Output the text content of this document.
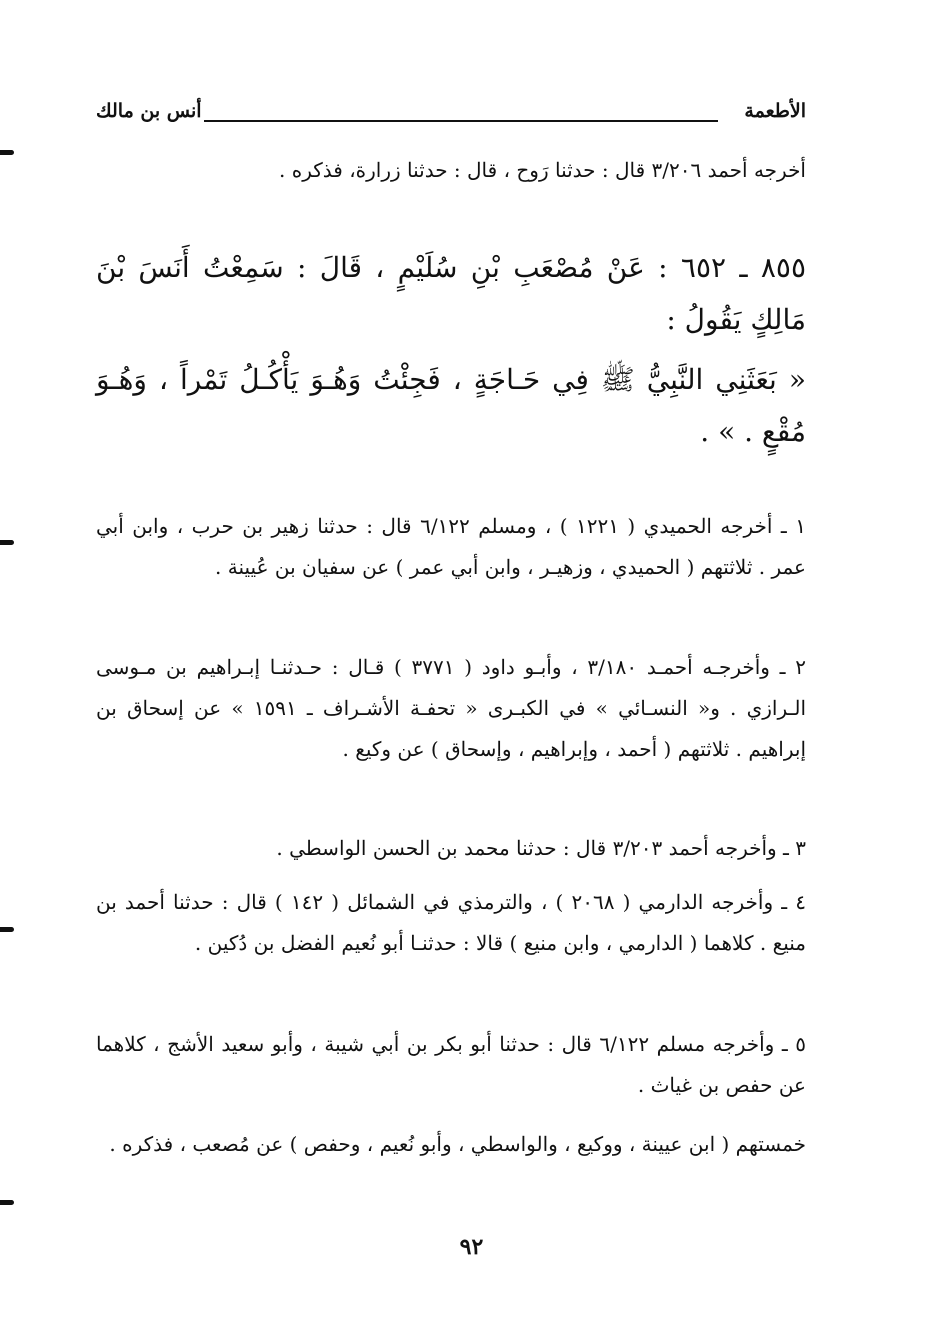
الأطعمة
أنس بن مالك
أخرجه أحمد ٣/٢٠٦ قال : حدثنا رَوح ، قال : حدثنا زرارة، فذكره .
٨٥٥ ـ ٦٥٢ : عَنْ مُصْعَبِ بْنِ سُلَيْمٍ ، قَالَ : سَمِعْتُ أَنَسَ بْنَ مَالِكٍ يَقُولُ :
« بَعَثَنِي النَّبِيُّ ﷺ فِي حَـاجَةٍ ، فَجِئْتُ وَهُـوَ يَأْكُـلُ تَمْراً ، وَهُـوَ مُقْعٍ . » .
١ ـ أخرجه الحميدي ( ١٢٢١ ) ، ومسلم ٦/١٢٢ قال : حدثنا زهير بن حرب ، وابن أبي عمر . ثلاثتهم ( الحميدي ، وزهيـر ، وابن أبي عمر ) عن سفيان بن عُيينة .
٢ ـ وأخرجـه أحمـد ٣/١٨٠ ، وأبـو داود ( ٣٧٧١ ) قـال : حـدثنـا إبـراهيم بن مـوسى الـرازي . و« النسـائي » في الكبـرى « تحفـة الأشـراف ـ ١٥٩١ » عن إسحاق بن إبراهيم . ثلاثتهم ( أحمد ، وإبراهيم ، وإسحاق ) عن وكيع .
٣ ـ وأخرجه أحمد ٣/٢٠٣ قال : حدثنا محمد بن الحسن الواسطي .
٤ ـ وأخرجه الدارمي ( ٢٠٦٨ ) ، والترمذي في الشمائل ( ١٤٢ ) قال : حدثنا أحمد بن منيع . كلاهما ( الدارمي ، وابن منيع ) قالا : حدثنـا أبو نُعيم الفضل بن دُكين .
٥ ـ وأخرجه مسلم ٦/١٢٢ قال : حدثنا أبو بكر بن أبي شيبة ، وأبو سعيد الأشج ، كلاهما عن حفص بن غياث .
خمستهم ( ابن عيينة ، ووكيع ، والواسطي ، وأبو نُعيم ، وحفص ) عن مُصعب ، فذكره .
٩٢
